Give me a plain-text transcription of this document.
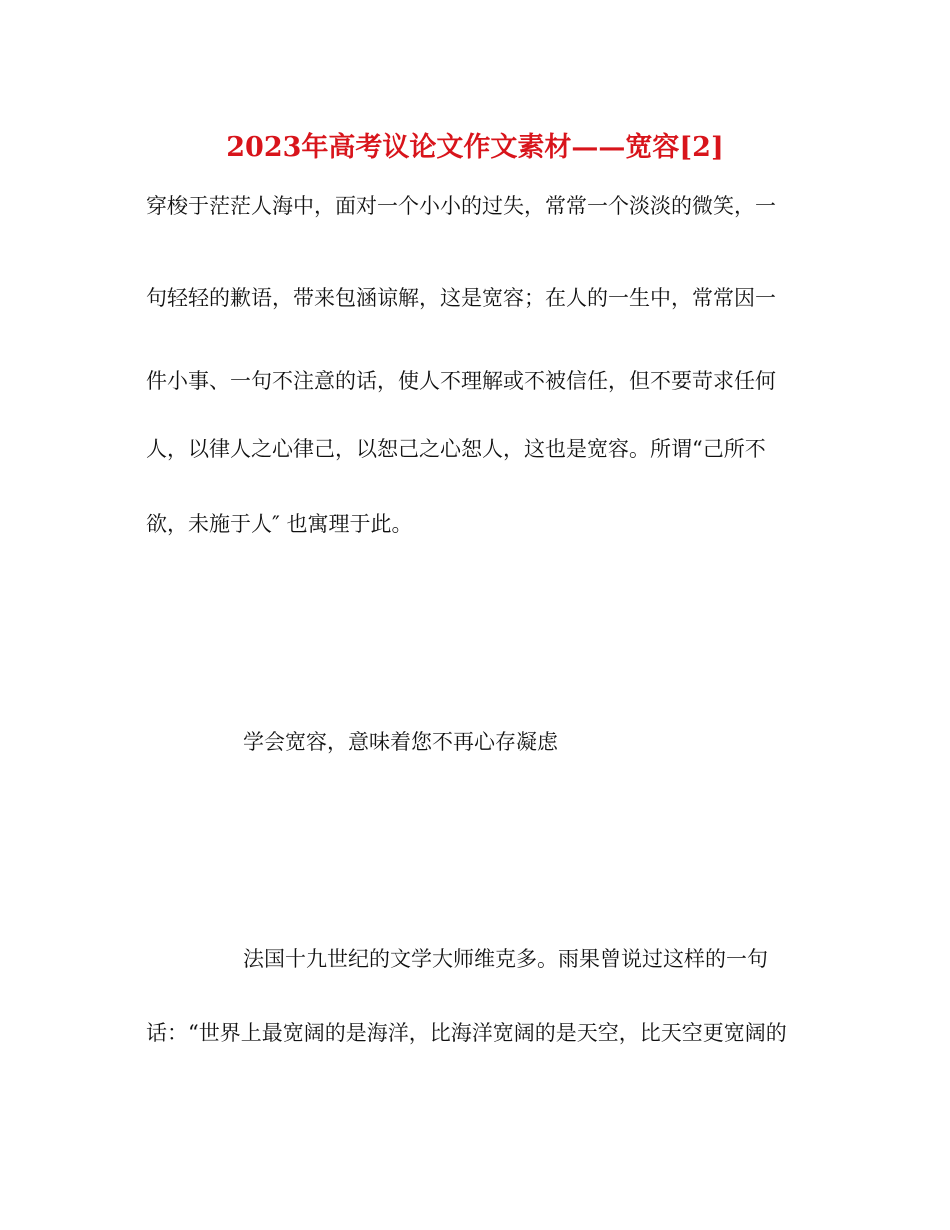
2023年高考议论文作文素材——宽容[2]
穿梭于茫茫人海中，面对一个小小的过失，常常一个淡淡的微笑，一
句轻轻的歉语，带来包涵谅解，这是宽容；在人的一生中，常常因一
件小事、一句不注意的话，使人不理解或不被信任，但不要苛求任何
人，以律人之心律己，以恕己之心恕人，这也是宽容。所谓“己所不
欲，未施于人″ 也寓理于此。
学会宽容，意味着您不再心存凝虑
法国十九世纪的文学大师维克多。雨果曾说过这样的一句
话：“世界上最宽阔的是海洋，比海洋宽阔的是天空，比天空更宽阔的
